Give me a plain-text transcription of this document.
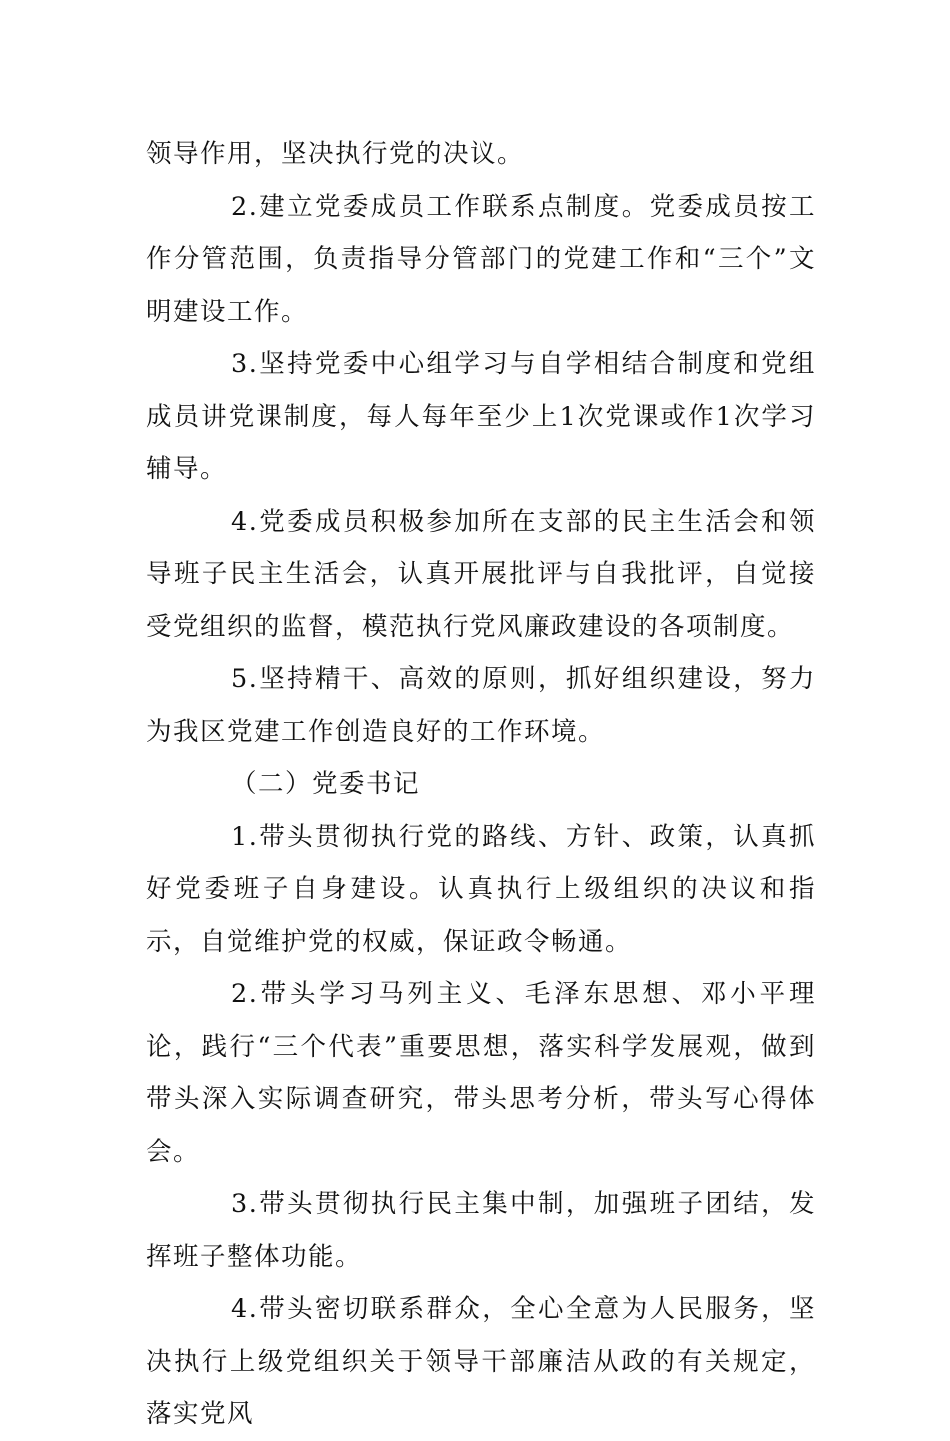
领导作用，坚决执行党的决议。

2.建立党委成员工作联系点制度。党委成员按工作分管范围，负责指导分管部门的党建工作和“三个”文明建设工作。

3.坚持党委中心组学习与自学相结合制度和党组成员讲党课制度，每人每年至少上1次党课或作1次学习辅导。

4.党委成员积极参加所在支部的民主生活会和领导班子民主生活会，认真开展批评与自我批评，自觉接受党组织的监督，模范执行党风廉政建设的各项制度。

5.坚持精干、高效的原则，抓好组织建设，努力为我区党建工作创造良好的工作环境。

（二）党委书记

1.带头贯彻执行党的路线、方针、政策，认真抓好党委班子自身建设。认真执行上级组织的决议和指示，自觉维护党的权威，保证政令畅通。

2.带头学习马列主义、毛泽东思想、邓小平理论，践行“三个代表”重要思想，落实科学发展观，做到带头深入实际调查研究，带头思考分析，带头写心得体会。

3.带头贯彻执行民主集中制，加强班子团结，发挥班子整体功能。

4.带头密切联系群众，全心全意为人民服务，坚决执行上级党组织关于领导干部廉洁从政的有关规定，落实党风
